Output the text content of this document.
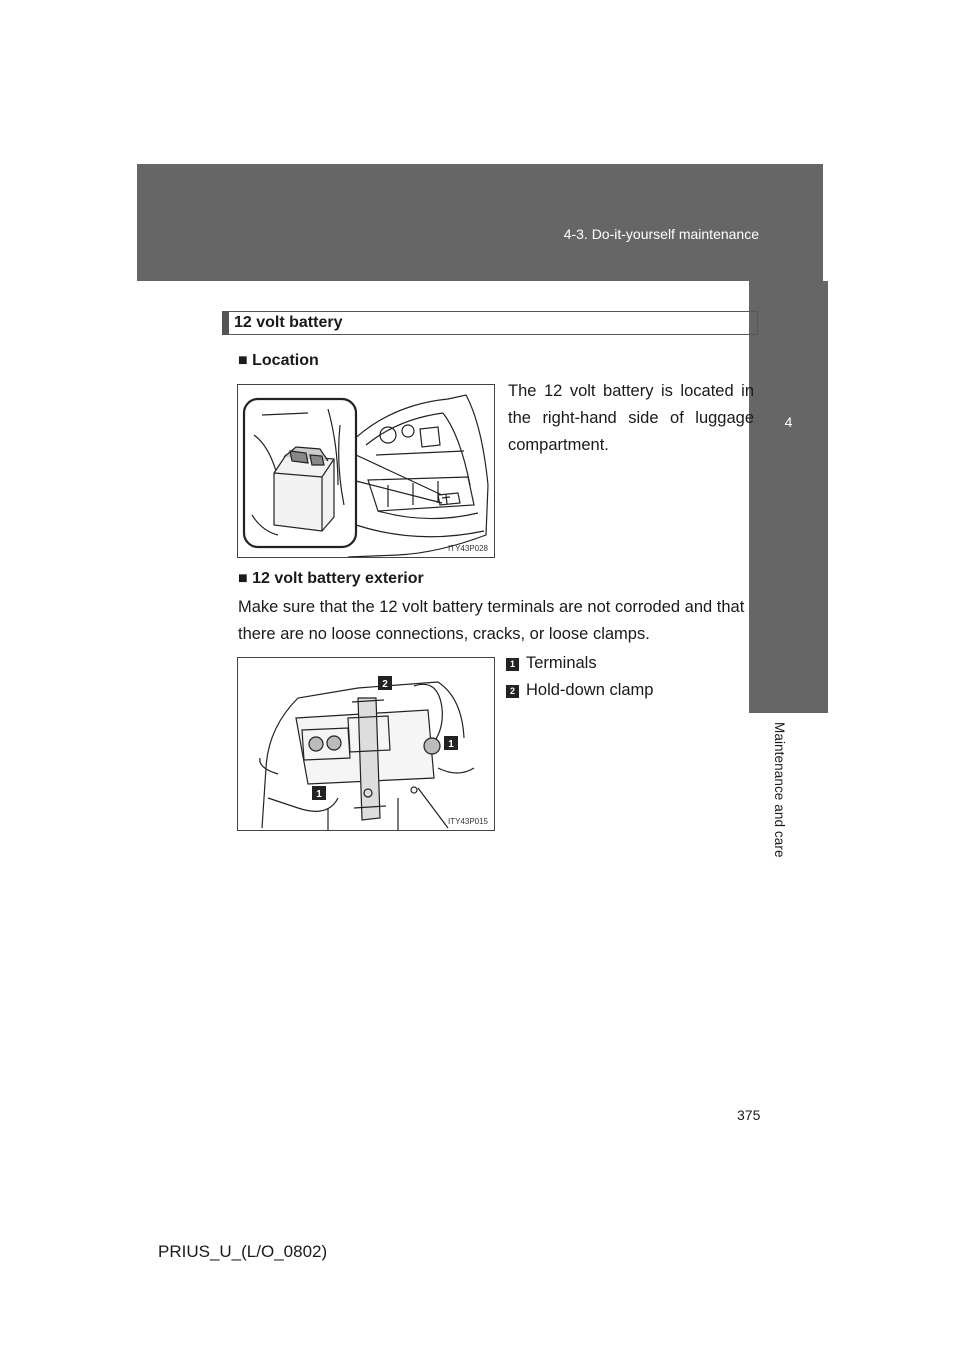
4-3. Do-it-yourself maintenance
4
Maintenance and care
12 volt battery
■ Location
ITY43P028
The 12 volt battery is located in
the right-hand side of luggage
compartment.
■ 12 volt battery exterior
Make sure that the 12 volt battery terminals are not corroded and that
there are no loose connections, cracks, or loose clamps.
2
1
1
ITY43P015
1 Terminals
2 Hold-down clamp
375
PRIUS_U_(L/O_0802)
